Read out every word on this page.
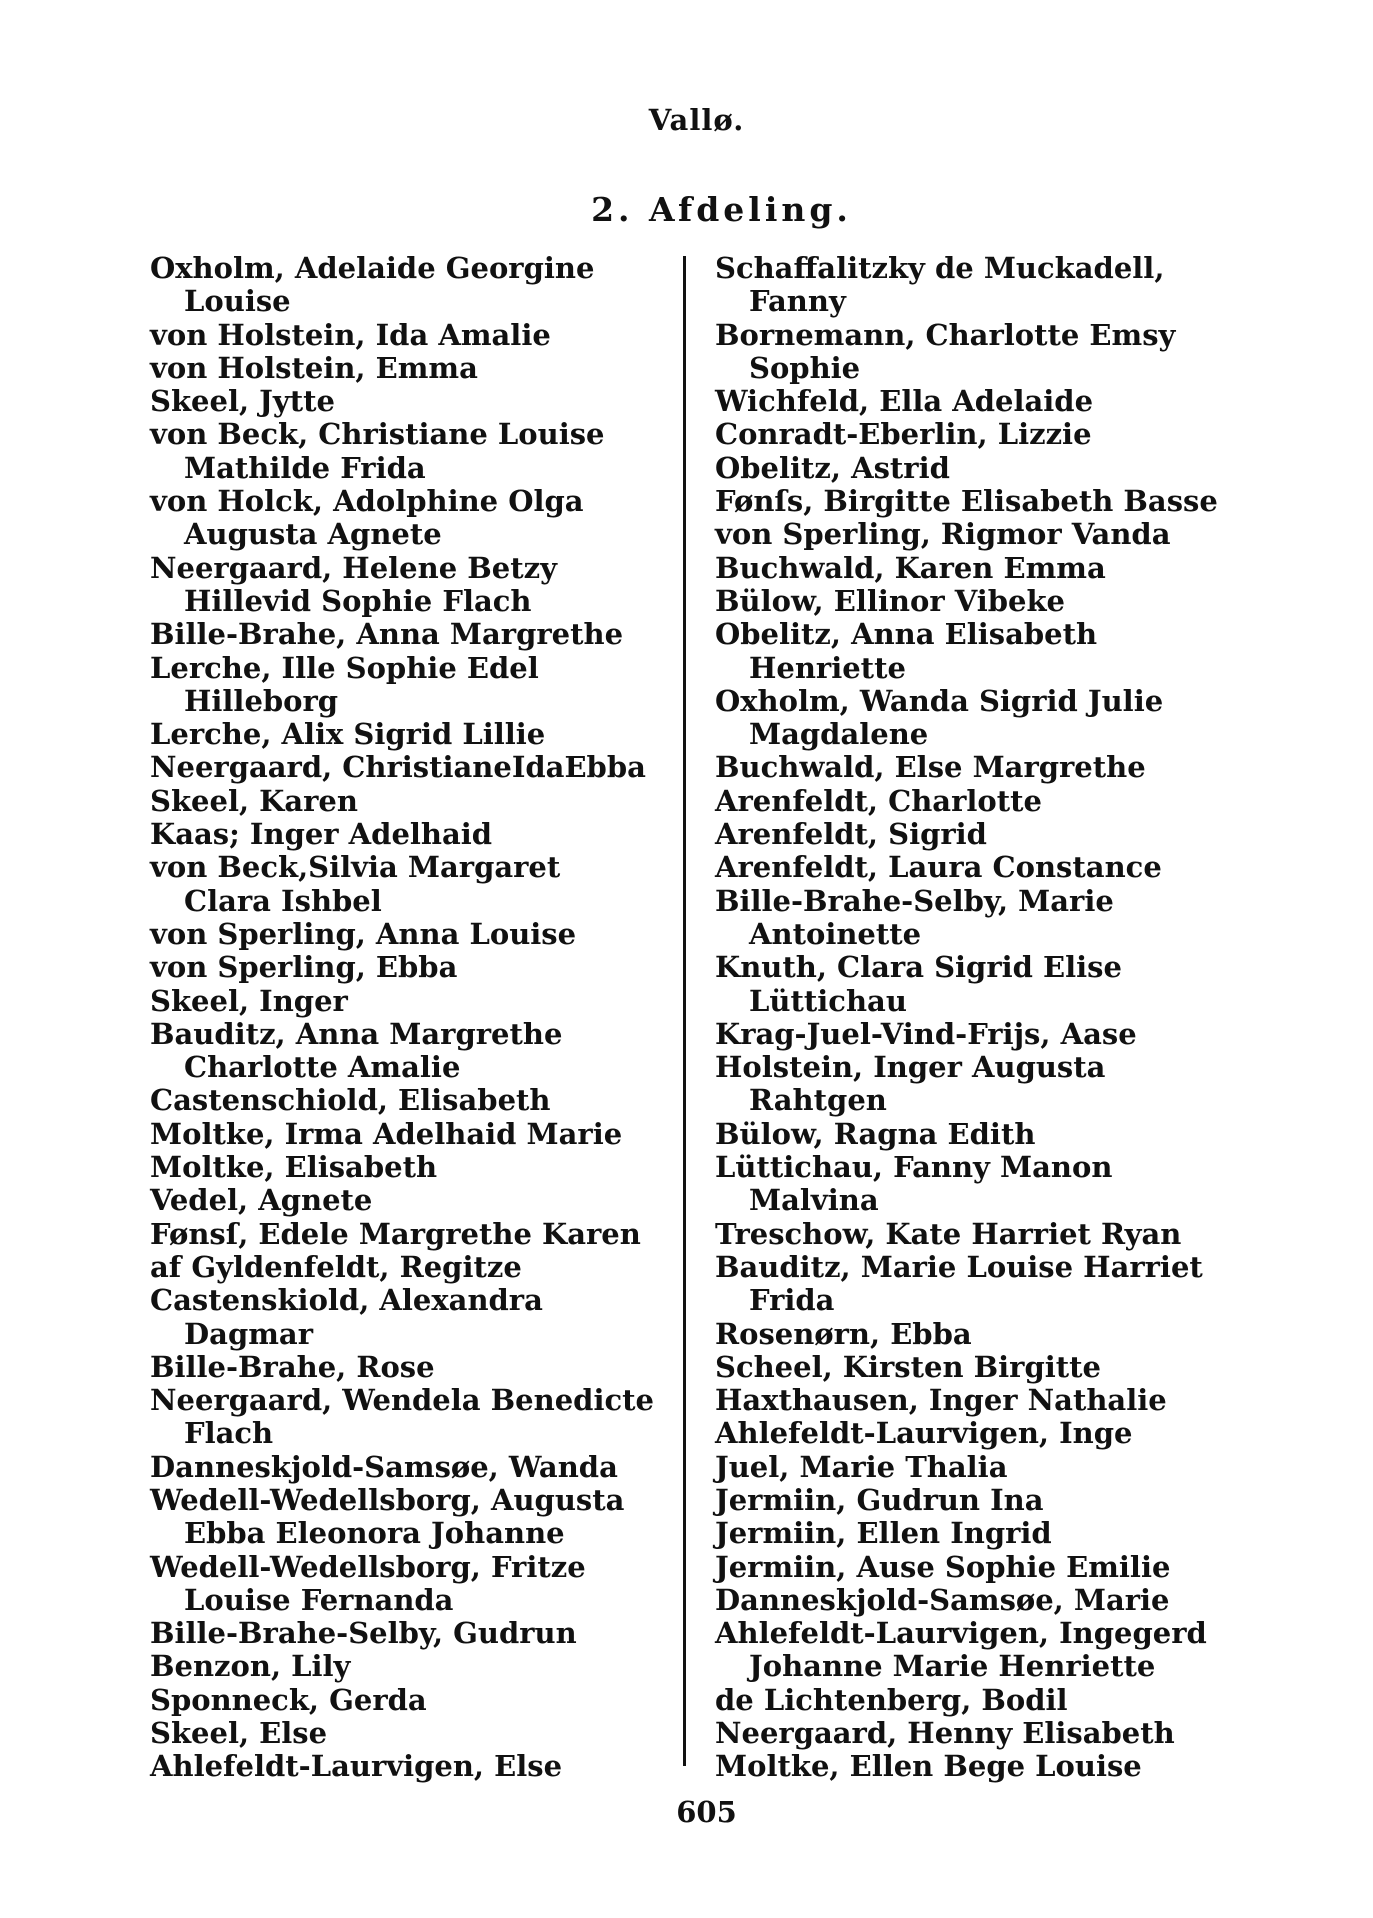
Vallø.
2. Afdeling.
Oxholm, Adelaide Georgine Louise
von Holstein, Ida Amalie
von Holstein, Emma
Skeel, Jytte
von Beck, Christiane Louise Mathilde Frida
von Holck, Adolphine Olga Augusta Agnete
Neergaard, Helene Betzy Hillevid Sophie Flach
Bille-Brahe, Anna Margrethe
Lerche, Ille Sophie Edel Hilleborg
Lerche, Alix Sigrid Lillie
Neergaard, ChristianeIdaEbba
Skeel, Karen
Kaas; Inger Adelhaid
von Beck,Silvia Margaret Clara Ishbel
von Sperling, Anna Louise
von Sperling, Ebba
Skeel, Inger
Bauditz, Anna Margrethe Charlotte Amalie
Castenschiold, Elisabeth
Moltke, Irma Adelhaid Marie
Moltke, Elisabeth
Vedel, Agnete
Fønsſ, Edele Margrethe Karen
af Gyldenfeldt, Regitze
Castenskiold, Alexandra Dagmar
Bille-Brahe, Rose
Neergaard, Wendela Benedicte Flach
Danneskjold-Samsøe, Wanda
Wedell-Wedellsborg, Augusta Ebba Eleonora Johanne
Wedell-Wedellsborg, Fritze Louise Fernanda
Bille-Brahe-Selby, Gudrun
Benzon, Lily
Sponneck, Gerda
Skeel, Else
Ahlefeldt-Laurvigen, Else
Schaffalitzky de Muckadell, Fanny
Bornemann, Charlotte Emsy Sophie
Wichfeld, Ella Adelaide
Conradt-Eberlin, Lizzie
Obelitz, Astrid
Fønſs, Birgitte Elisabeth Basse
von Sperling, Rigmor Vanda
Buchwald, Karen Emma
Bülow, Ellinor Vibeke
Obelitz, Anna Elisabeth Henriette
Oxholm, Wanda Sigrid Julie Magdalene
Buchwald, Else Margrethe
Arenfeldt, Charlotte
Arenfeldt, Sigrid
Arenfeldt, Laura Constance
Bille-Brahe-Selby, Marie Antoinette
Knuth, Clara Sigrid Elise Lüttichau
Krag-Juel-Vind-Frijs, Aase
Holstein, Inger Augusta Rahtgen
Bülow, Ragna Edith
Lüttichau, Fanny Manon Malvina
Treschow, Kate Harriet Ryan
Bauditz, Marie Louise Harriet Frida
Rosenørn, Ebba
Scheel, Kirsten Birgitte
Haxthausen, Inger Nathalie
Ahlefeldt-Laurvigen, Inge
Juel, Marie Thalia
Jermiin, Gudrun Ina
Jermiin, Ellen Ingrid
Jermiin, Ause Sophie Emilie
Danneskjold-Samsøe, Marie
Ahlefeldt-Laurvigen, Ingegerd Johanne Marie Henriette
de Lichtenberg, Bodil
Neergaard, Henny Elisabeth
Moltke, Ellen Bege Louise
605
